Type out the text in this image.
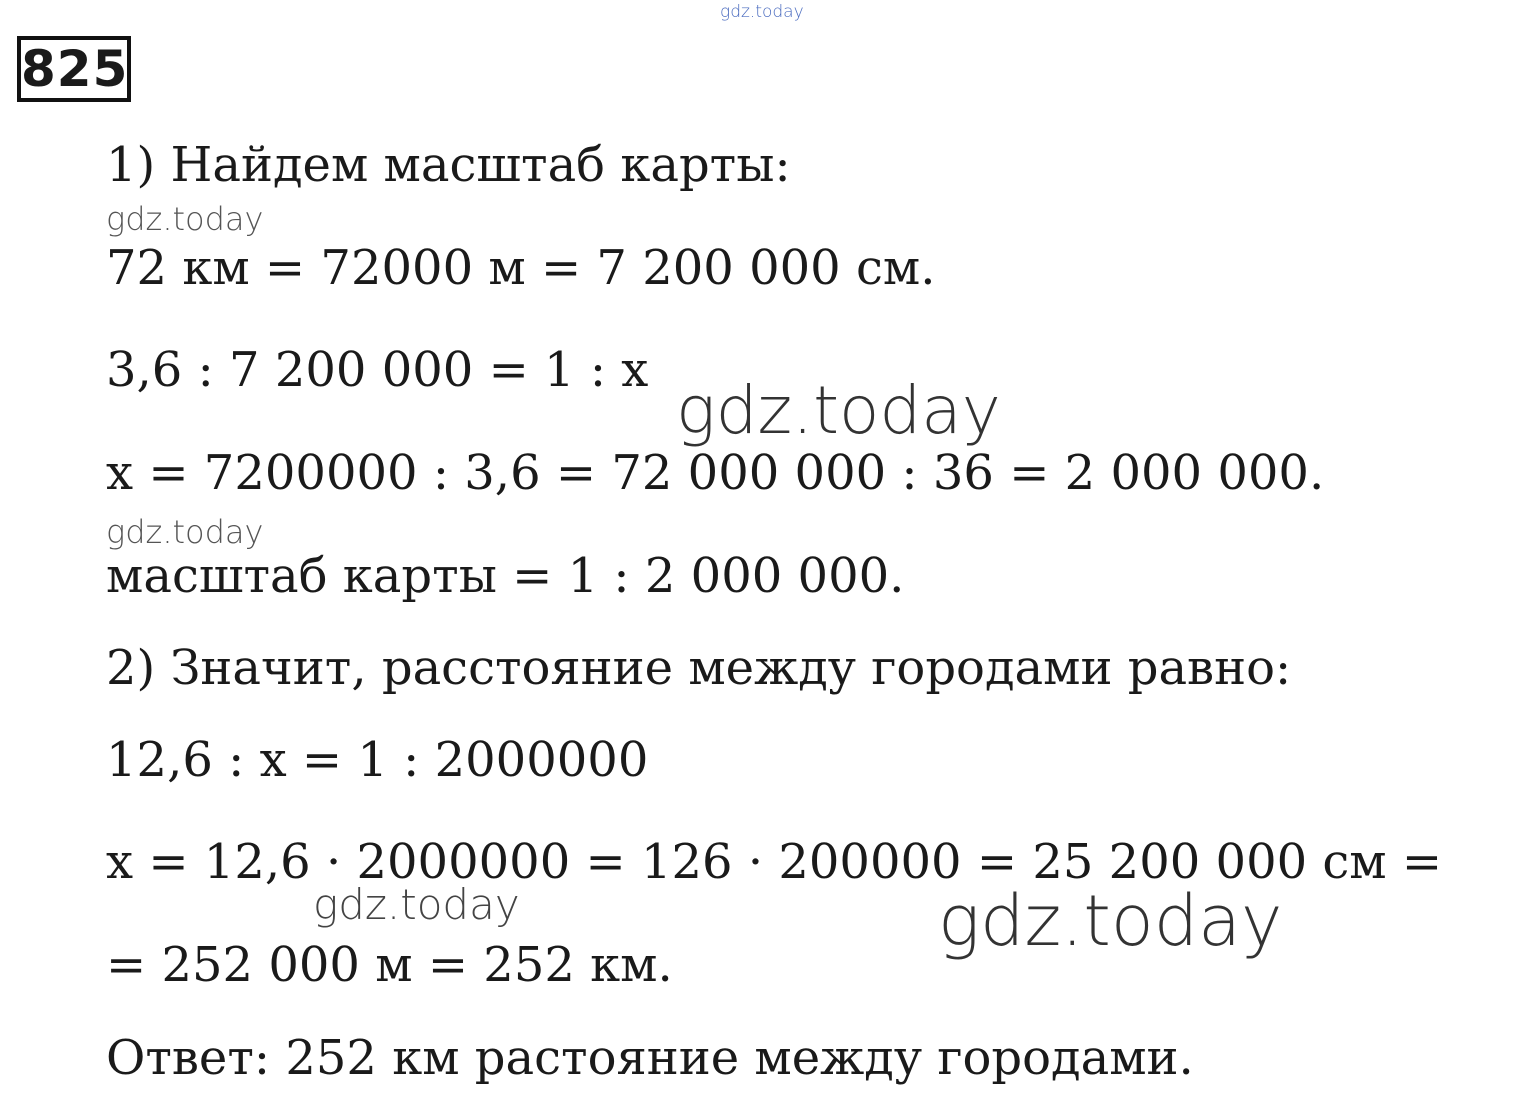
825
1) Найдем масштаб карты:
72 км = 72000 м = 7 200 000 см.
3,6 : 7 200 000 = 1 : x
x = 7200000 : 3,6 = 72 000 000 : 36 = 2 000 000.
масштаб карты = 1 : 2 000 000.
2) Значит, расстояние между городами равно:
12,6 : x = 1 : 2000000
x = 12,6 · 2000000 = 126 · 200000 = 25 200 000 см =
= 252 000 м = 252 км.
Ответ: 252 км растояние между городами.
gdz.today
gdz.today
gdz.today
gdz.today
gdz.today	gdz.today
